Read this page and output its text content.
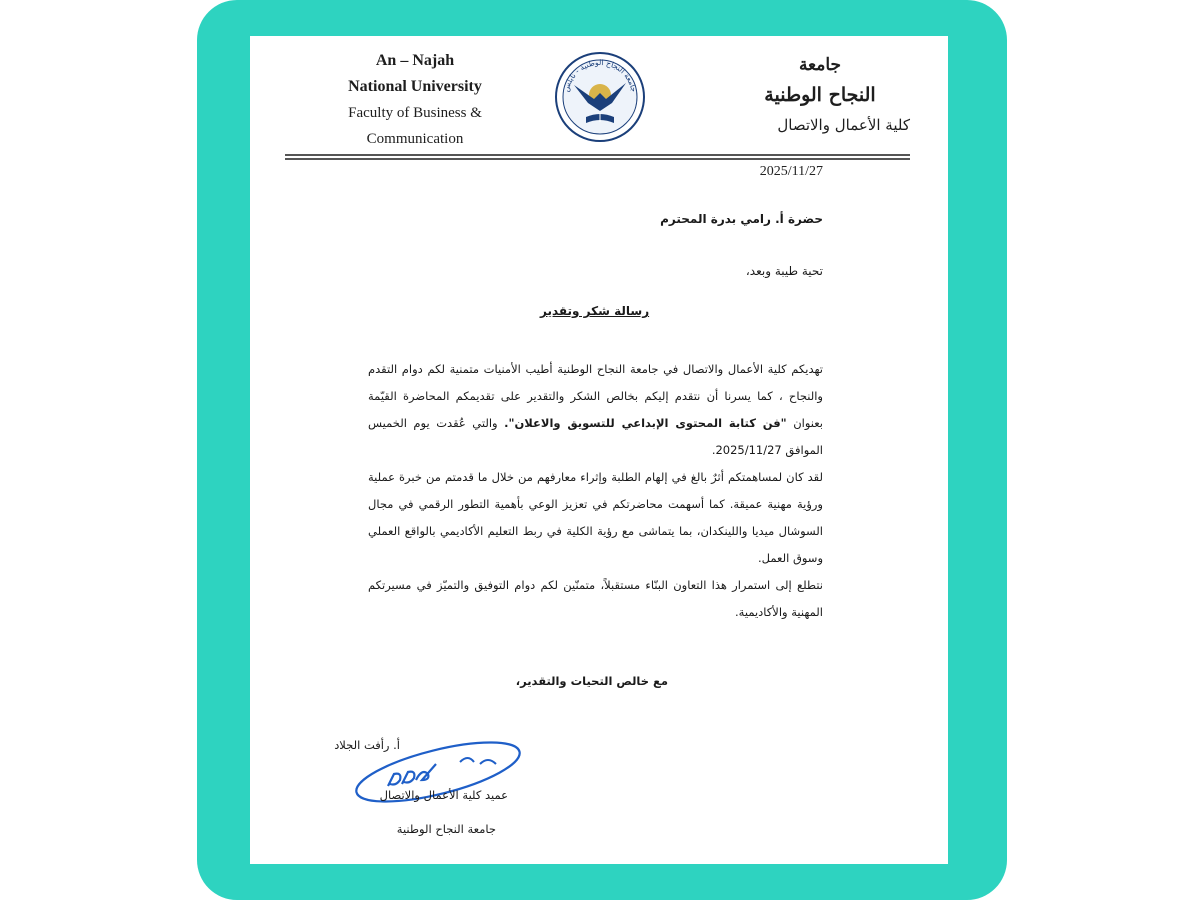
An – Najah
National University
Faculty of Business &
Communication
جامعة النجاح الوطنية - نابلس
جامعة
النجاح الوطنية
كلية الأعمال والاتصال
2025/11/27
حضرة أ. رامي بدرة المحترم
تحية طيبة وبعد،
رسالة شكر وتقدير

تهديكم كلية الأعمال والاتصال في جامعة النجاح الوطنية أطيب الأمنيات متمنية لكم دوام التقدم والنجاح ، كما يسرنا أن نتقدم إليكم بخالص الشكر والتقدير على تقديمكم المحاضرة القيّمة بعنوان "فن كتابة المحتوى الإبداعي للتسويق والاعلان". والتي عُقدت يوم الخميس الموافق 2025/11/27.

لقد كان لمساهمتكم أثرٌ بالغ في إلهام الطلبة وإثراء معارفهم من خلال ما قدمتم من خبرة عملية ورؤية مهنية عميقة. كما أسهمت محاضرتكم في تعزيز الوعي بأهمية التطور الرقمي في مجال السوشال ميديا واللينكدان، بما يتماشى مع رؤية الكلية في ربط التعليم الأكاديمي بالواقع العملي وسوق العمل.

نتطلع إلى استمرار هذا التعاون البنّاء مستقبلاً، متمنّين لكم دوام التوفيق والتميّز في مسيرتكم المهنية والأكاديمية.

مع خالص التحيات والتقدير،
أ. رأفت الجلاد
عميد كلية الأعمال والاتصال
جامعة النجاح الوطنية
